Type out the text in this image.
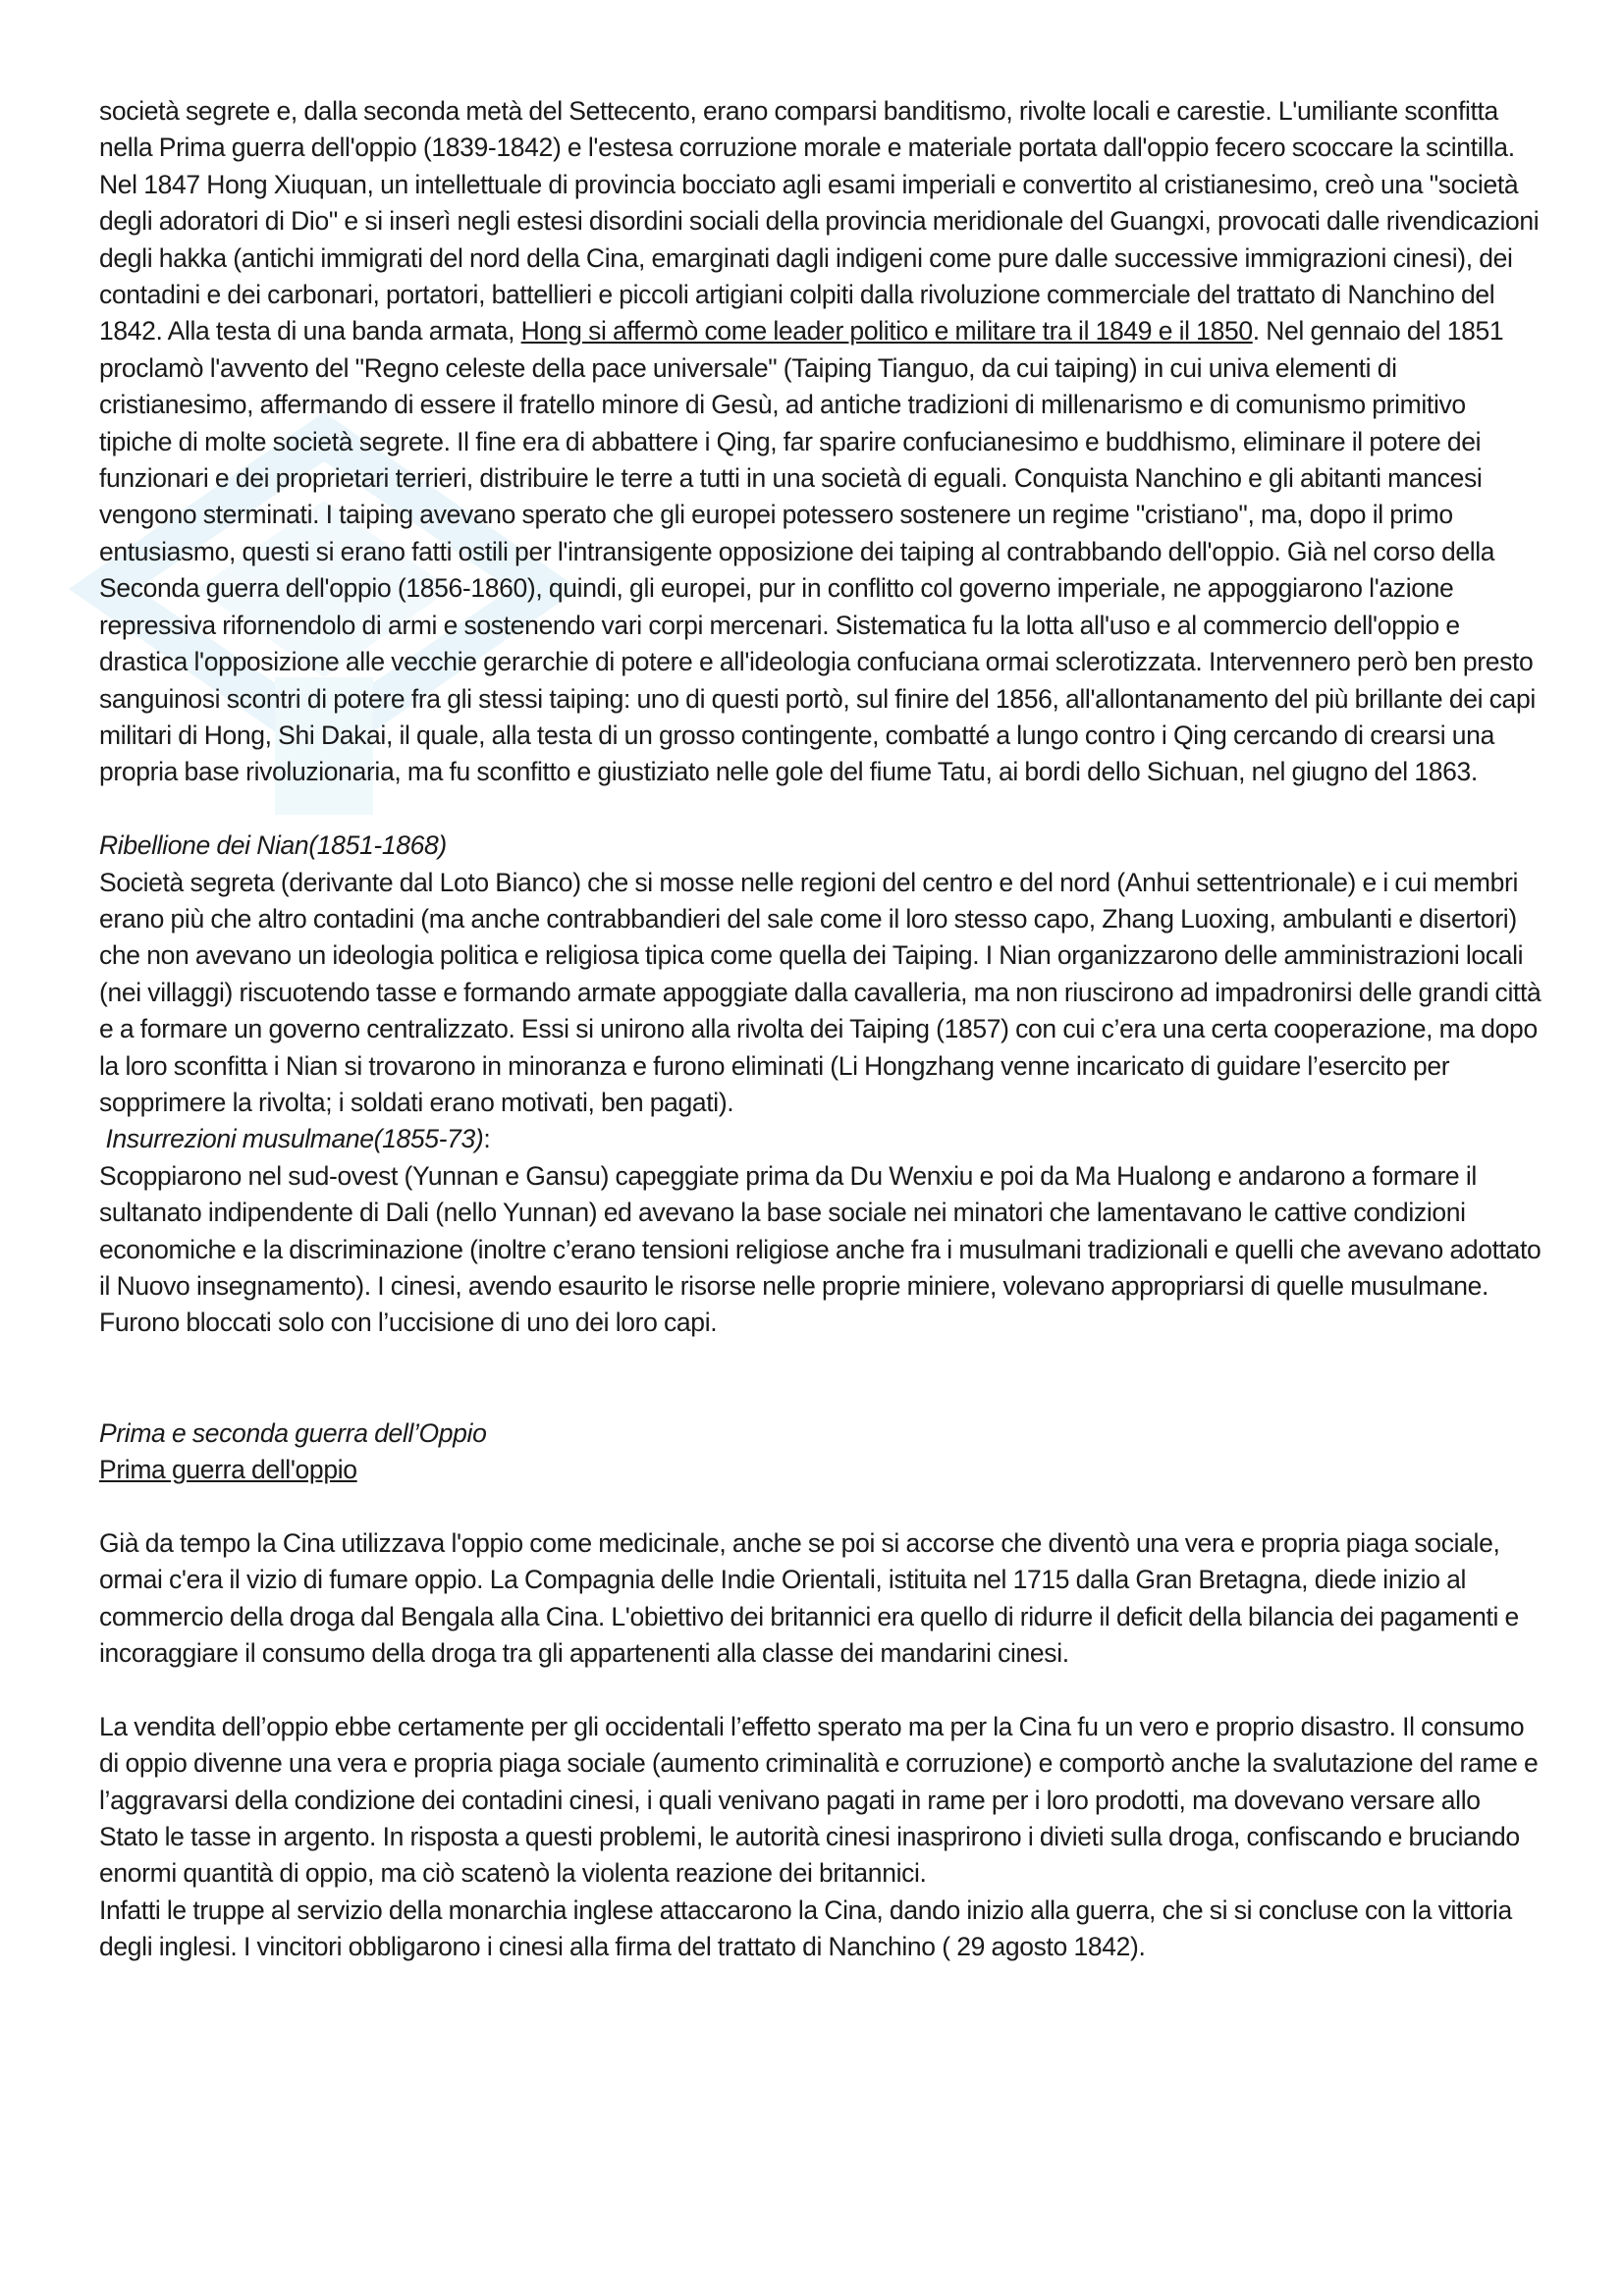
società segrete e, dalla seconda metà del Settecento, erano comparsi banditismo, rivolte locali e carestie. L'umiliante sconfitta nella Prima guerra dell'oppio (1839-1842) e l'estesa corruzione morale e materiale portata dall'oppio fecero scoccare la scintilla. Nel 1847 Hong Xiuquan, un intellettuale di provincia bocciato agli esami imperiali e convertito al cristianesimo, creò una "società degli adoratori di Dio" e si inserì negli estesi disordini sociali della provincia meridionale del Guangxi, provocati dalle rivendicazioni degli hakka (antichi immigrati del nord della Cina, emarginati dagli indigeni come pure dalle successive immigrazioni cinesi), dei contadini e dei carbonari, portatori, battellieri e piccoli artigiani colpiti dalla rivoluzione commerciale del trattato di Nanchino del 1842. Alla testa di una banda armata, Hong si affermò come leader politico e militare tra il 1849 e il 1850. Nel gennaio del 1851 proclamò l'avvento del "Regno celeste della pace universale" (Taiping Tianguo, da cui taiping) in cui univa elementi di cristianesimo, affermando di essere il fratello minore di Gesù, ad antiche tradizioni di millenarismo e di comunismo primitivo tipiche di molte società segrete. Il fine era di abbattere i Qing, far sparire confucianesimo e buddhismo, eliminare il potere dei funzionari e dei proprietari terrieri, distribuire le terre a tutti in una società di eguali. Conquista Nanchino e gli abitanti mancesi vengono sterminati. I taiping avevano sperato che gli europei potessero sostenere un regime "cristiano", ma, dopo il primo entusiasmo, questi si erano fatti ostili per l'intransigente opposizione dei taiping al contrabbando dell'oppio. Già nel corso della Seconda guerra dell'oppio (1856-1860), quindi, gli europei, pur in conflitto col governo imperiale, ne appoggiarono l'azione repressiva rifornendolo di armi e sostenendo vari corpi mercenari. Sistematica fu la lotta all'uso e al commercio dell'oppio e drastica l'opposizione alle vecchie gerarchie di potere e all'ideologia confuciana ormai sclerotizzata. Intervennero però ben presto sanguinosi scontri di potere fra gli stessi taiping: uno di questi portò, sul finire del 1856, all'allontanamento del più brillante dei capi militari di Hong, Shi Dakai, il quale, alla testa di un grosso contingente, combatté a lungo contro i Qing cercando di crearsi una propria base rivoluzionaria, ma fu sconfitto e giustiziato nelle gole del fiume Tatu, ai bordi dello Sichuan, nel giugno del 1863.

Ribellione dei Nian(1851-1868)

Società segreta (derivante dal Loto Bianco) che si mosse nelle regioni del centro e del nord (Anhui settentrionale) e i cui membri erano più che altro contadini (ma anche contrabbandieri del sale come il loro stesso capo, Zhang Luoxing, ambulanti e disertori) che non avevano un ideologia politica e religiosa tipica come quella dei Taiping. I Nian organizzarono delle amministrazioni locali (nei villaggi) riscuotendo tasse e formando armate appoggiate dalla cavalleria, ma non riuscirono ad impadronirsi delle grandi città e a formare un governo centralizzato. Essi si unirono alla rivolta dei Taiping (1857) con cui c’era una certa cooperazione, ma dopo la loro sconfitta i Nian si trovarono in minoranza e furono eliminati (Li Hongzhang venne incaricato di guidare l’esercito per sopprimere la rivolta; i soldati erano motivati, ben pagati).

Insurrezioni musulmane(1855-73):

Scoppiarono nel sud-ovest (Yunnan e Gansu) capeggiate prima da Du Wenxiu e poi da Ma Hualong e andarono a formare il sultanato indipendente di Dali (nello Yunnan) ed avevano la base sociale nei minatori che lamentavano le cattive condizioni economiche e la discriminazione (inoltre c’erano tensioni religiose anche fra i musulmani tradizionali e quelli che avevano adottato il Nuovo insegnamento). I cinesi, avendo esaurito le risorse nelle proprie miniere, volevano appropriarsi di quelle musulmane. Furono bloccati solo con l’uccisione di uno dei loro capi.

Prima e seconda guerra dell’Oppio

Prima guerra dell'oppio

Già da tempo la Cina utilizzava l'oppio come medicinale, anche se poi si accorse che diventò una vera e propria piaga sociale, ormai c'era il vizio di fumare oppio. La Compagnia delle Indie Orientali, istituita nel 1715 dalla Gran Bretagna, diede inizio al commercio della droga dal Bengala alla Cina. L'obiettivo dei britannici era quello di ridurre il deficit della bilancia dei pagamenti e incoraggiare il consumo della droga tra gli appartenenti alla classe dei mandarini cinesi.

La vendita dell’oppio ebbe certamente per gli occidentali l’effetto sperato ma per la Cina fu un vero e proprio disastro. Il consumo di oppio divenne una vera e propria piaga sociale (aumento criminalità e corruzione) e comportò anche la svalutazione del rame e l’aggravarsi della condizione dei contadini cinesi, i quali venivano pagati in rame per i loro prodotti, ma dovevano versare allo Stato le tasse in argento. In risposta a questi problemi, le autorità cinesi inasprirono i divieti sulla droga, confiscando e bruciando enormi quantità di oppio, ma ciò scatenò la violenta reazione dei britannici.

Infatti le truppe al servizio della monarchia inglese attaccarono la Cina, dando inizio alla guerra, che si si concluse con la vittoria degli inglesi. I vincitori obbligarono i cinesi alla firma del trattato di Nanchino ( 29 agosto 1842).
